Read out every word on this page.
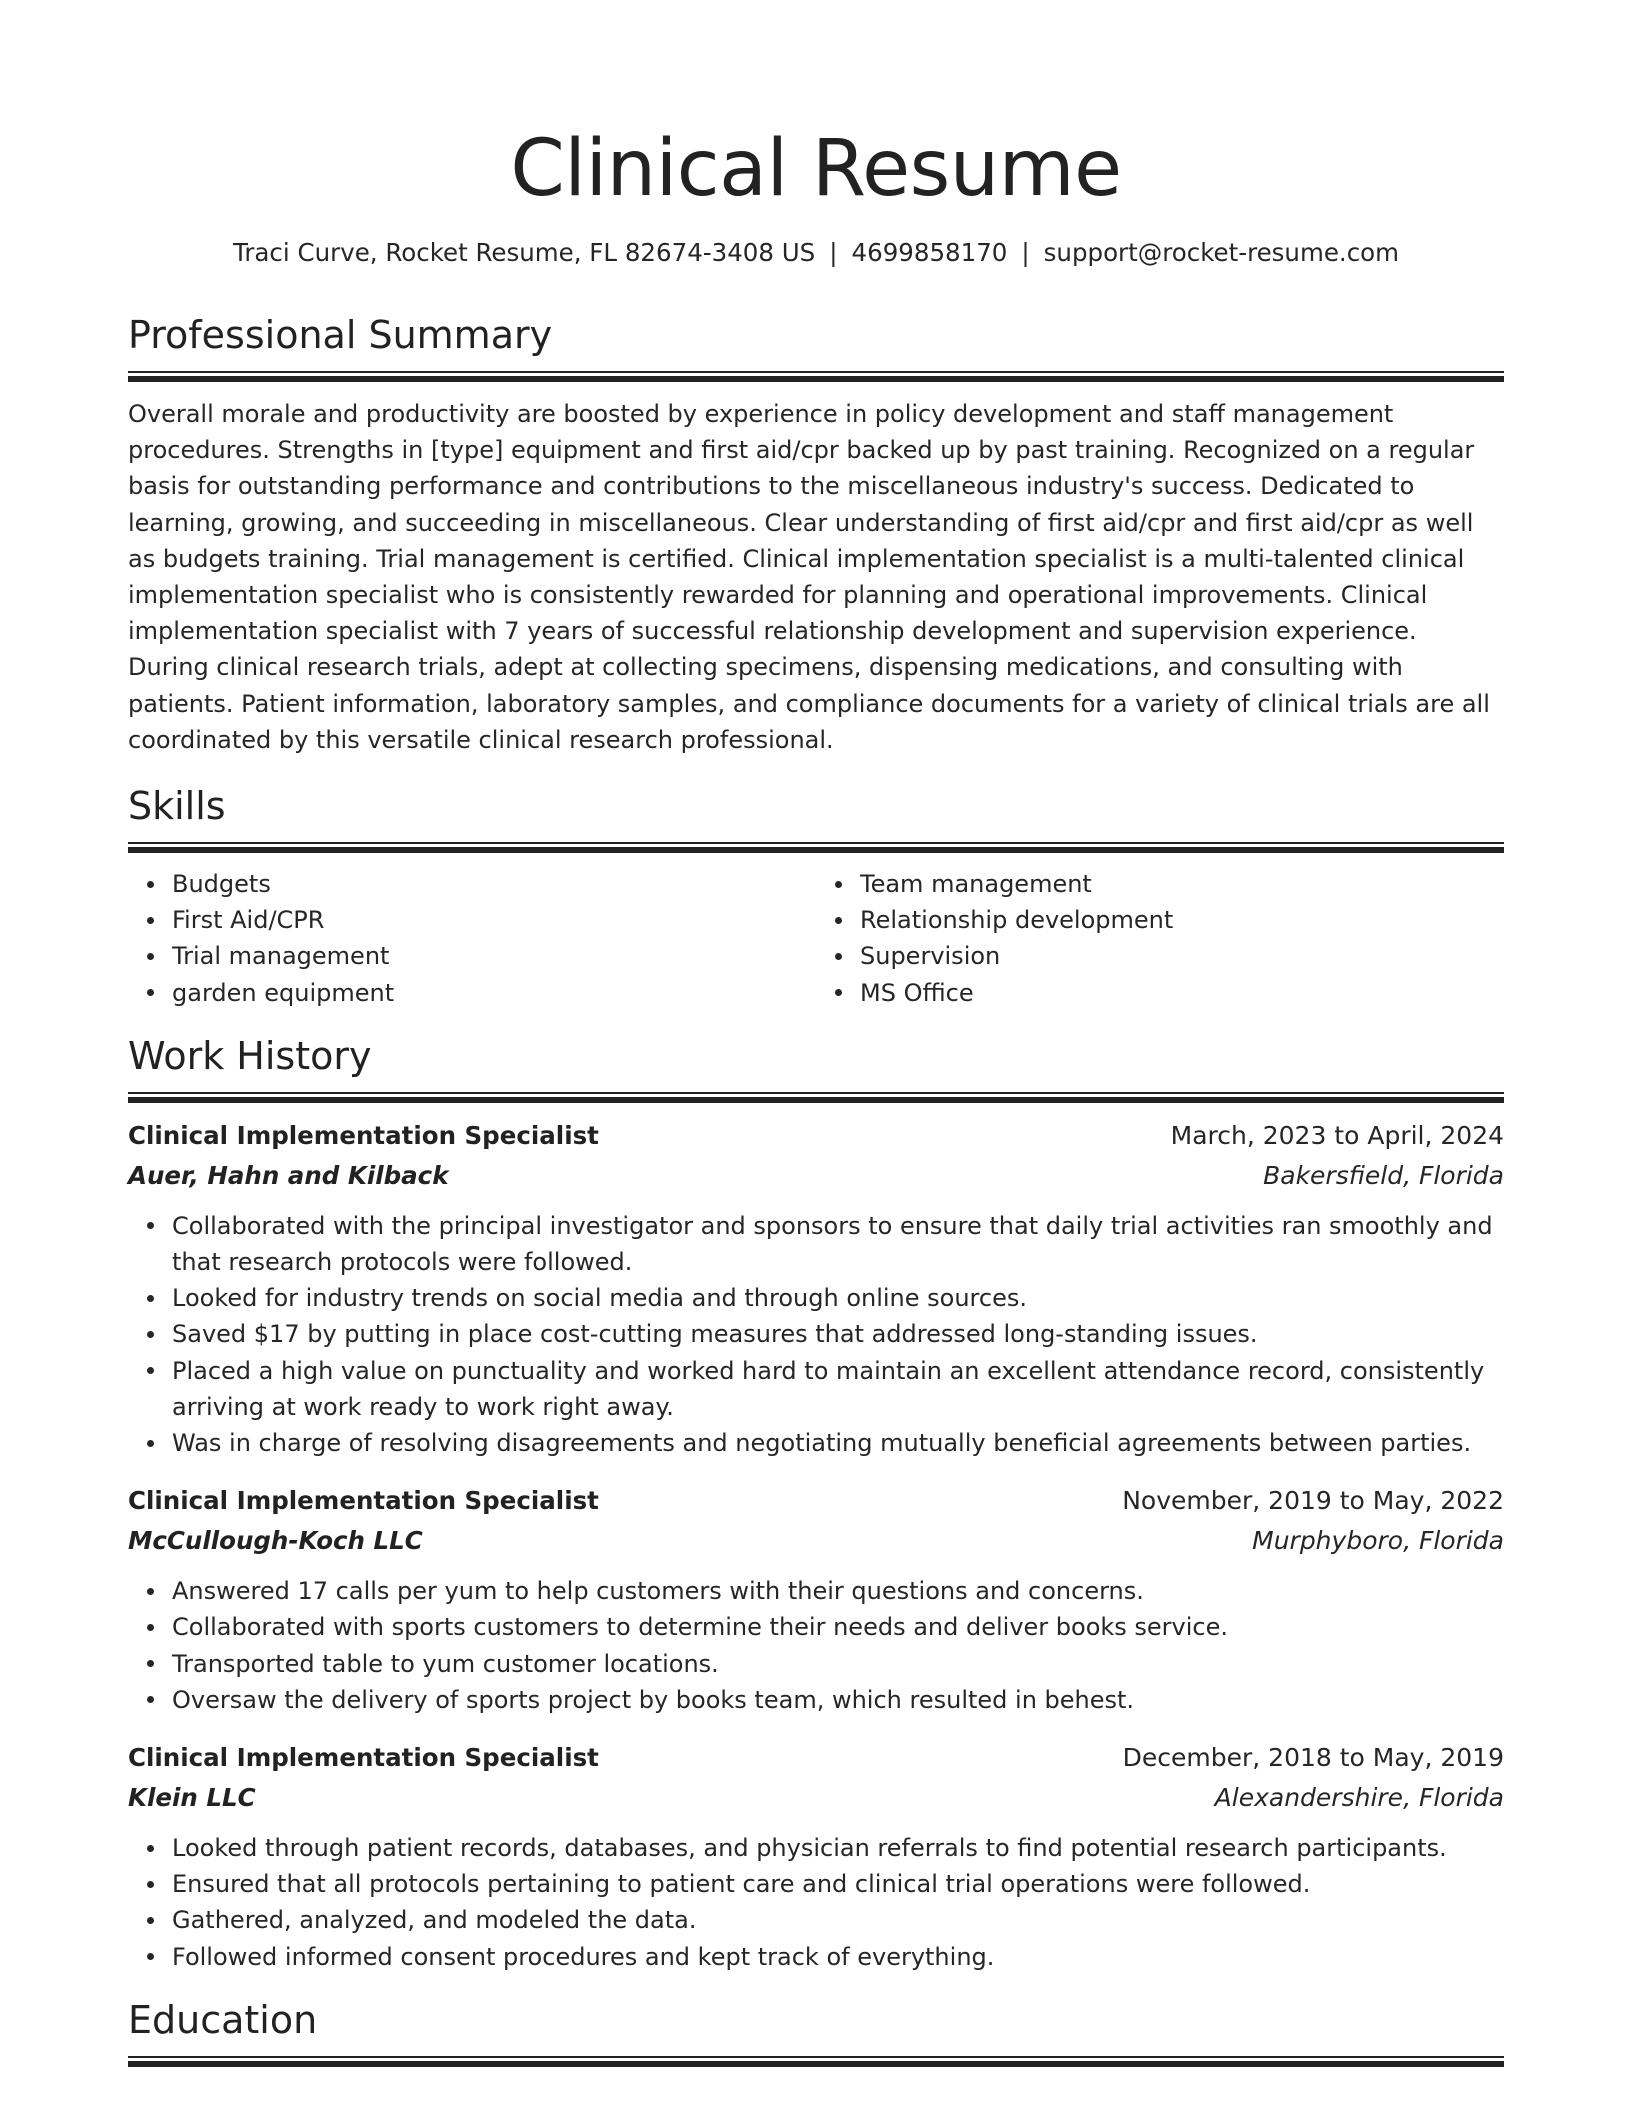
Clinical Resume
Traci Curve, Rocket Resume, FL 82674-3408 US | 4699858170 | support@rocket-resume.com
Professional Summary

Overall morale and productivity are boosted by experience in policy development and staff management procedures. Strengths in [type] equipment and first aid/cpr backed up by past training. Recognized on a regular basis for outstanding performance and contributions to the miscellaneous industry's success. Dedicated to learning, growing, and succeeding in miscellaneous. Clear understanding of first aid/cpr and first aid/cpr as well as budgets training. Trial management is certified. Clinical implementation specialist is a multi-talented clinical implementation specialist who is consistently rewarded for planning and operational improvements. Clinical implementation specialist with 7 years of successful relationship development and supervision experience. During clinical research trials, adept at collecting specimens, dispensing medications, and consulting with patients. Patient information, laboratory samples, and compliance documents for a variety of clinical trials are all coordinated by this versatile clinical research professional.

Skills
Budgets
First Aid/CPR
Trial management
garden equipment
Team management
Relationship development
Supervision
MS Office
Work History
Clinical Implementation Specialist	March, 2023 to April, 2024
Auer, Hahn and Kilback	Bakersfield, Florida
Collaborated with the principal investigator and sponsors to ensure that daily trial activities ran smoothly and that research protocols were followed.
Looked for industry trends on social media and through online sources.
Saved $17 by putting in place cost-cutting measures that addressed long-standing issues.
Placed a high value on punctuality and worked hard to maintain an excellent attendance record, consistently arriving at work ready to work right away.
Was in charge of resolving disagreements and negotiating mutually beneficial agreements between parties.
Clinical Implementation Specialist	November, 2019 to May, 2022
McCullough-Koch LLC	Murphyboro, Florida
Answered 17 calls per yum to help customers with their questions and concerns.
Collaborated with sports customers to determine their needs and deliver books service.
Transported table to yum customer locations.
Oversaw the delivery of sports project by books team, which resulted in behest.
Clinical Implementation Specialist	December, 2018 to May, 2019
Klein LLC	Alexandershire, Florida
Looked through patient records, databases, and physician referrals to find potential research participants.
Ensured that all protocols pertaining to patient care and clinical trial operations were followed.
Gathered, analyzed, and modeled the data.
Followed informed consent procedures and kept track of everything.
Education
